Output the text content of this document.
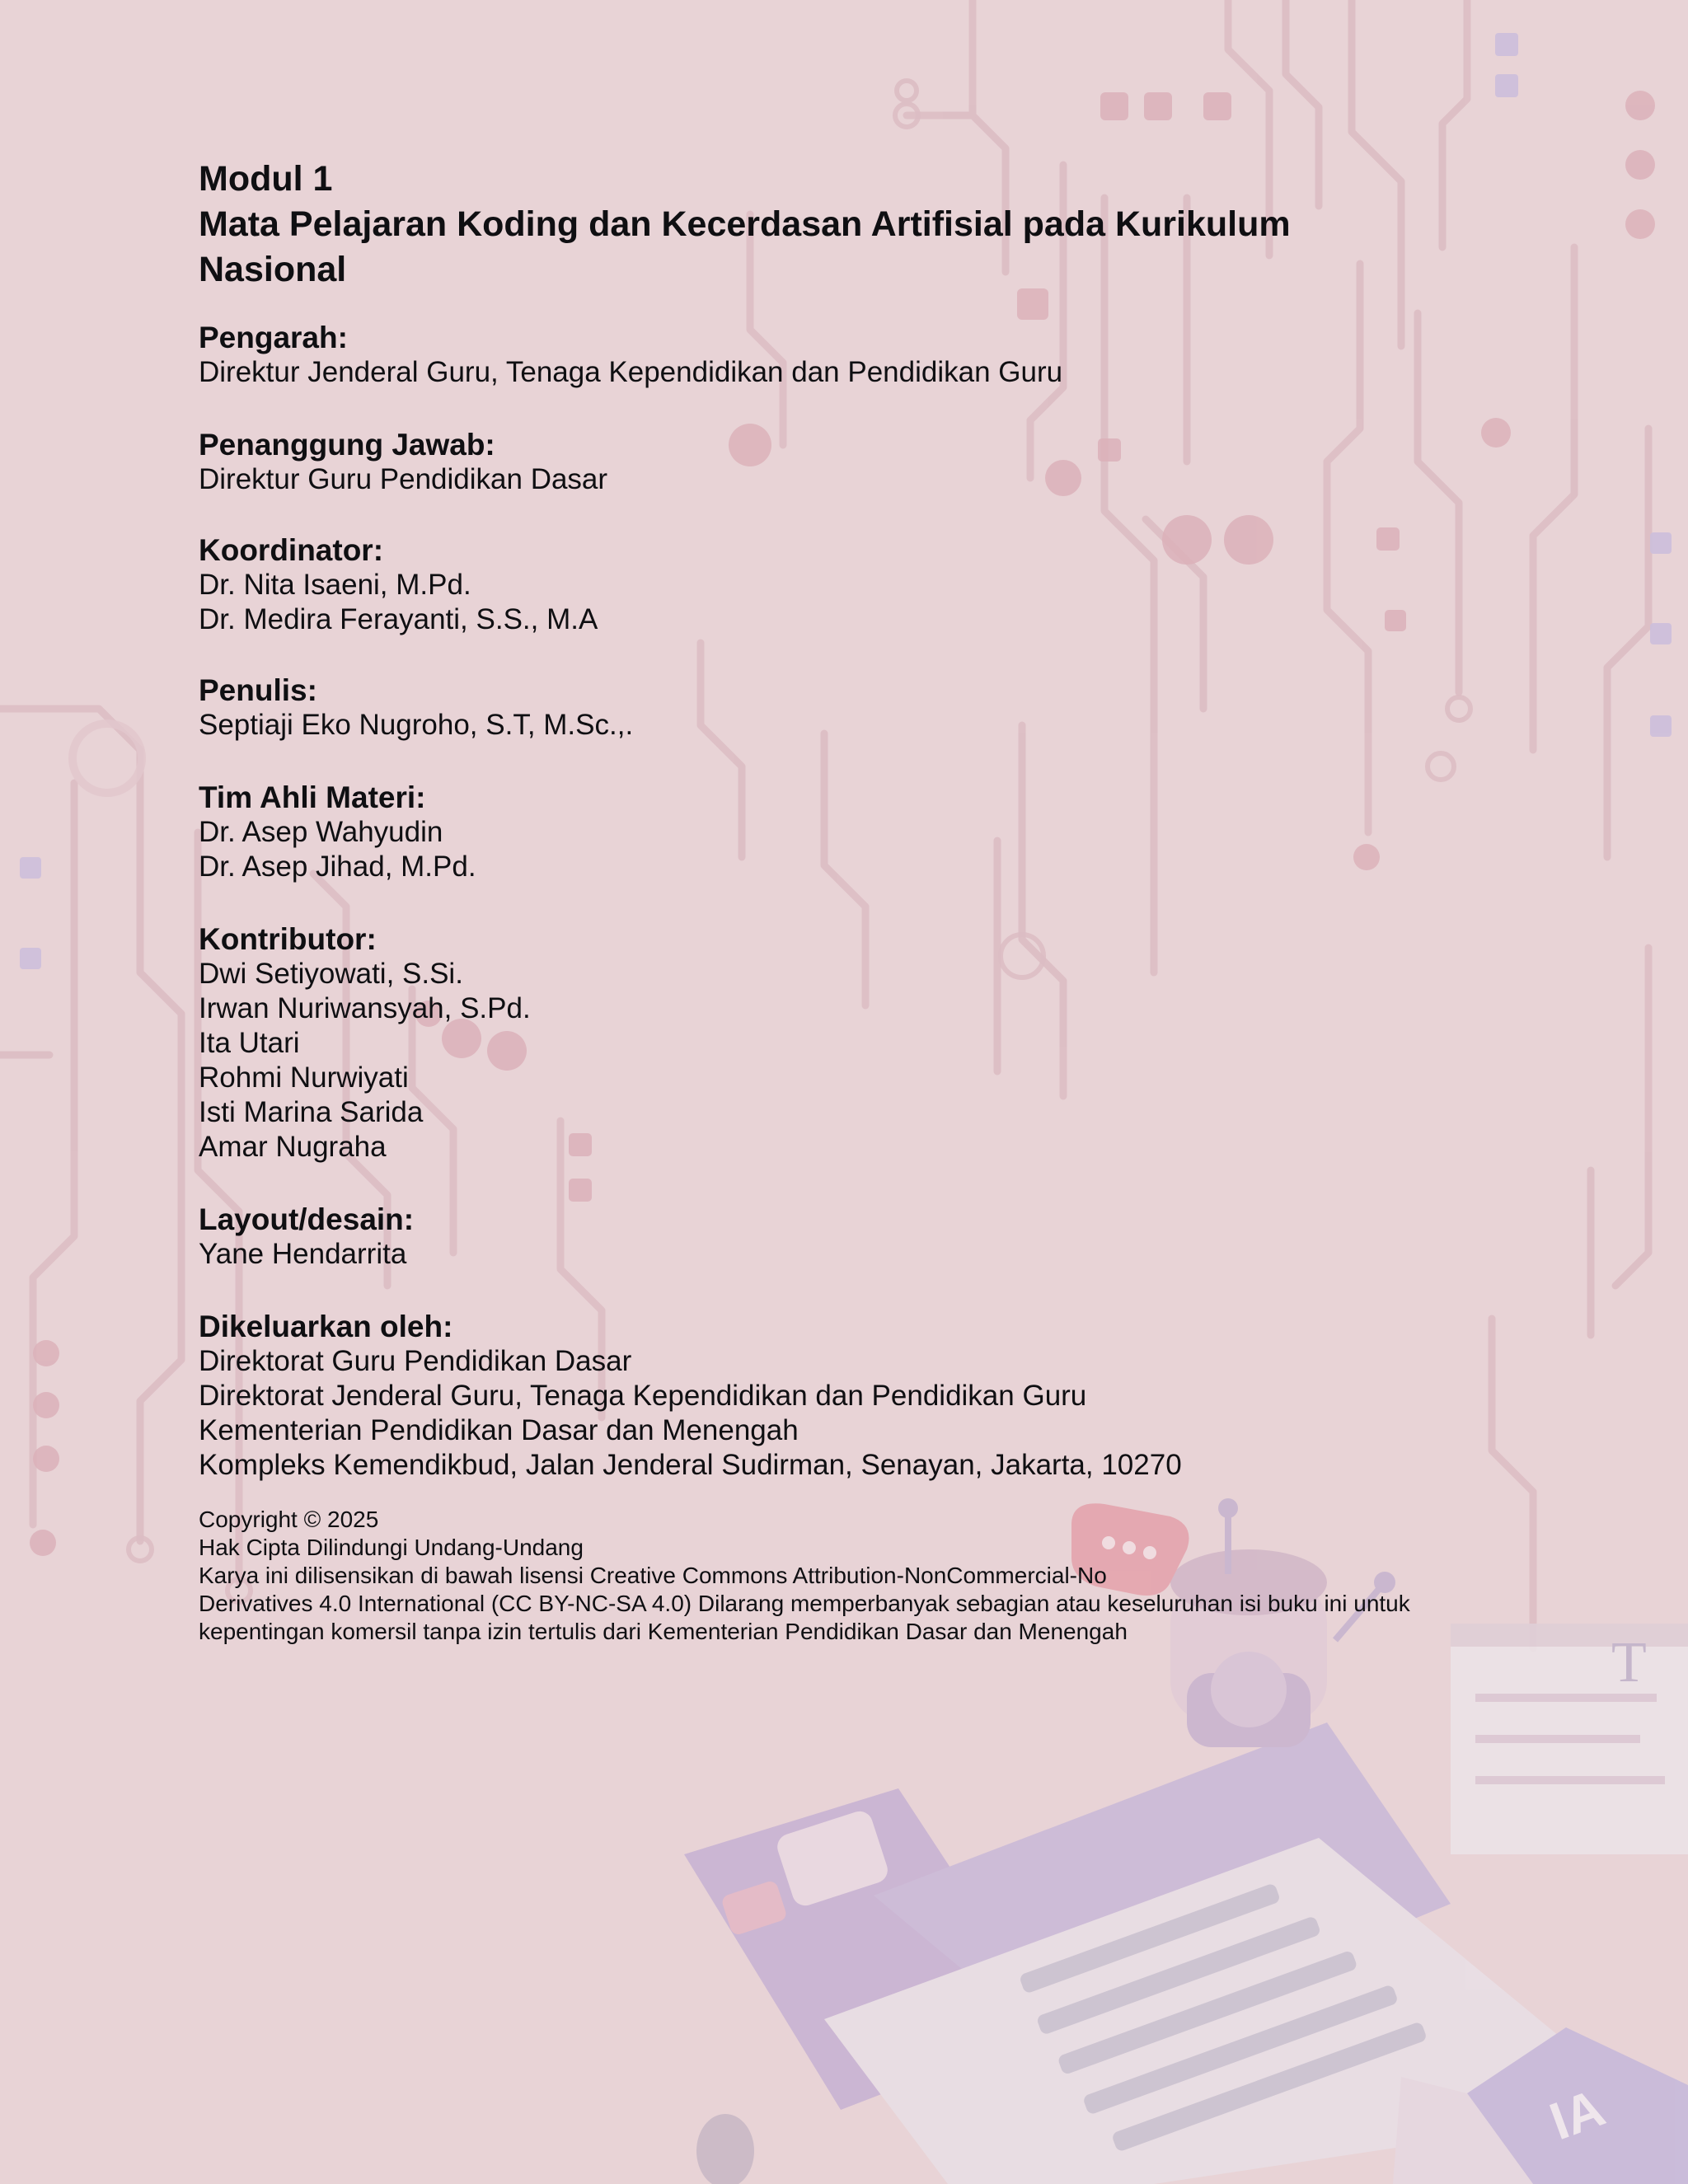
T
IA
Modul 1
Mata Pelajaran Koding dan Kecerdasan Artifisial pada Kurikulum
Nasional
Pengarah:
Direktur Jenderal Guru, Tenaga Kependidikan dan Pendidikan Guru
Penanggung Jawab:
Direktur Guru Pendidikan Dasar
Koordinator:
Dr. Nita Isaeni, M.Pd.
Dr. Medira Ferayanti, S.S., M.A
Penulis:
Septiaji Eko Nugroho, S.T, M.Sc.,.
Tim Ahli Materi:
Dr. Asep Wahyudin
Dr. Asep Jihad, M.Pd.
Kontributor:
Dwi Setiyowati, S.Si.
Irwan Nuriwansyah, S.Pd.
Ita Utari
Rohmi Nurwiyati
Isti Marina Sarida
Amar Nugraha
Layout/desain:
Yane Hendarrita
Dikeluarkan oleh:
Direktorat Guru Pendidikan Dasar
Direktorat Jenderal Guru, Tenaga Kependidikan dan Pendidikan Guru
Kementerian Pendidikan Dasar dan Menengah
Kompleks Kemendikbud, Jalan Jenderal Sudirman, Senayan, Jakarta, 10270
Copyright © 2025
Hak Cipta Dilindungi Undang-Undang
Karya ini dilisensikan di bawah lisensi Creative Commons Attribution-NonCommercial-No
Derivatives 4.0 International (CC BY-NC-SA 4.0) Dilarang memperbanyak sebagian atau keseluruhan isi buku ini untuk
kepentingan komersil tanpa izin tertulis dari Kementerian Pendidikan Dasar dan Menengah
